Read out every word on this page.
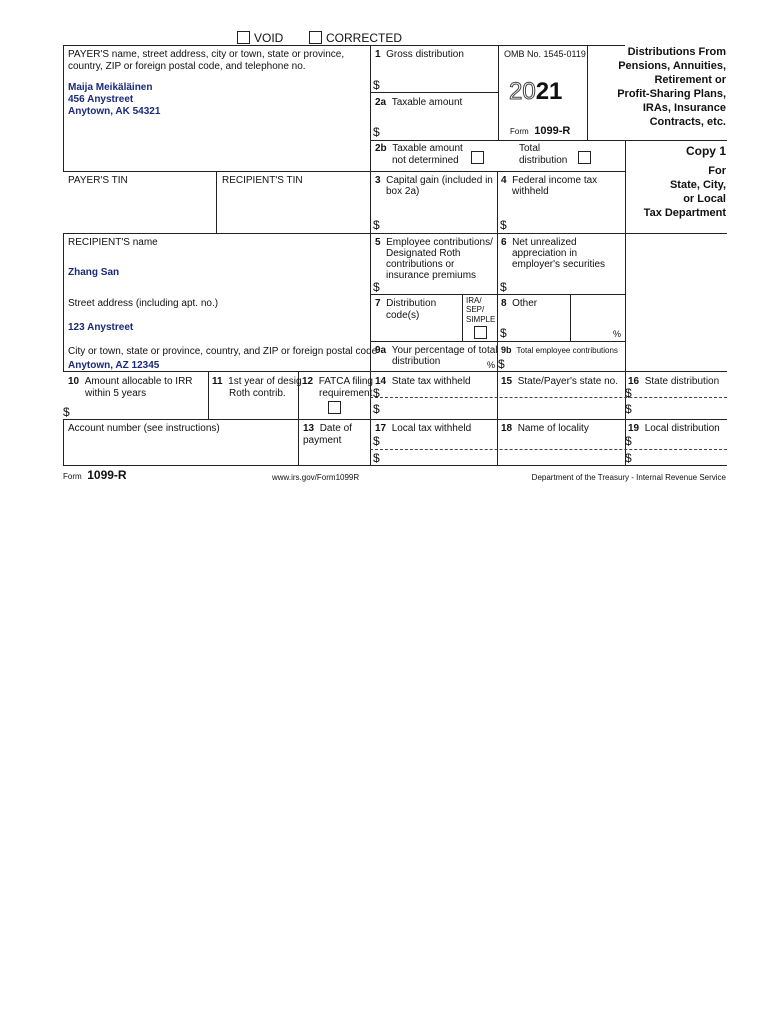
VOID	CORRECTED
PAYER'S name, street address, city or town, state or province,
country, ZIP or foreign postal code, and telephone no.
Maija Meikäläinen
456 Anystreet
Anytown, AK 54321
1 Gross distribution
$
OMB No. 1545-0119
2021
Form 1099-R
Distributions From
Pensions, Annuities,
Retirement or
Profit-Sharing Plans,
IRAs, Insurance
Contracts, etc.
Copy 1
For
State, City,
or Local
Tax Department
2a Taxable amount
$
2b Taxable amount
not determined
Total
distribution
PAYER'S TIN	RECIPIENT'S TIN	3 Capital gain (included in
box 2a)
$
4 Federal income tax
withheld
$
RECIPIENT'S name
Zhang San
5 Employee contributions/
Designated Roth
contributions or
insurance premiums
$
6 Net unrealized
appreciation in
employer's securities
$
Street address (including apt. no.)
123 Anystreet
7 Distribution
code(s)
IRA/
SEP/
SIMPLE
8 Other
$	%
City or town, state or province, country, and ZIP or foreign postal code
Anytown, AZ 12345
9a Your percentage of total
distribution	%
9b Total employee contributions
$
10 Amount allocable to IRR
within 5 years
$
11 1st year of desig.
Roth contrib.
12 FATCA filing
requirement
14 State tax withheld
$
$
15 State/Payer's state no. 16 State distribution
$
$
Account number (see instructions)	13 Date of
payment
17 Local tax withheld
$
$
18 Name of locality	19 Local distribution
$
$
Form 1099-R	www.irs.gov/Form1099R	Department of the Treasury - Internal Revenue Service
